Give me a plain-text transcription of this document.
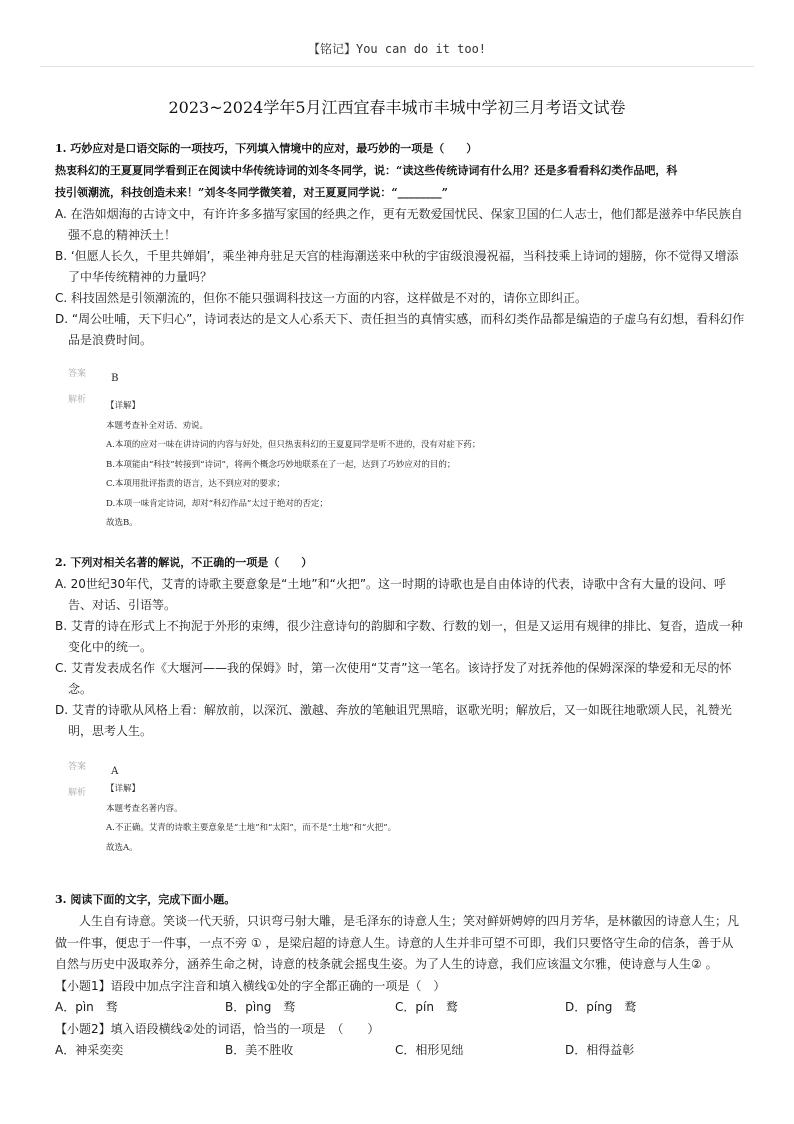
【铭记】You can do it too!
2023~2024学年5月江西宜春丰城市丰城中学初三月考语文试卷
1. 巧妙应对是口语交际的一项技巧，下列填入情境中的应对，最巧妙的一项是（　　）
热衷科幻的王夏夏同学看到正在阅读中华传统诗词的刘冬冬同学，说：“读这些传统诗词有什么用？还是多看看科幻类作品吧，科
技引领潮流，科技创造未来！”刘冬冬同学微笑着，对王夏夏同学说：“________”
A. 在浩如烟海的古诗文中，有许许多多描写家国的经典之作，更有无数爱国忧民、保家卫国的仁人志士，他们都是滋养中华民族自强不息的精神沃土！
B. ‘但愿人长久，千里共婵娟’，乘坐神舟驻足天宫的桂海潮送来中秋的宇宙级浪漫祝福，当科技乘上诗词的翅膀，你不觉得又增添了中华传统精神的力量吗？
C. 科技固然是引领潮流的，但你不能只强调科技这一方面的内容，这样做是不对的，请你立即纠正。
D. “周公吐哺，天下归心”，诗词表达的是文人心系天下、责任担当的真情实感，而科幻类作品都是编造的子虚乌有幻想，看科幻作品是浪费时间。
答案	B
解析
【详解】
本题考查补全对话、劝说。
A.本项的应对一味在讲诗词的内容与好处，但只热衷科幻的王夏夏同学是听不进的，没有对症下药；
B.本项能由“科技”转接到“诗词”，将两个概念巧妙地联系在了一起，达到了巧妙应对的目的；
C.本项用批评指责的语言，达不到应对的要求；
D.本项一味肯定诗词，却对“科幻作品”太过于绝对的否定；
故选B。
2. 下列对相关名著的解说，不正确的一项是（　　）
A. 20世纪30年代，艾青的诗歌主要意象是“土地”和“火把”。这一时期的诗歌也是自由体诗的代表，诗歌中含有大量的设问、呼告、对话、引语等。
B. 艾青的诗在形式上不拘泥于外形的束缚，很少注意诗句的韵脚和字数、行数的划一，但是又运用有规律的排比、复沓，造成一种变化中的统一。
C. 艾青发表成名作《大堰河——我的保姆》时，第一次使用“艾青”这一笔名。该诗抒发了对抚养他的保姆深深的挚爱和无尽的怀念。
D. 艾青的诗歌从风格上看：解放前，以深沉、激越、奔放的笔触诅咒黑暗，讴歌光明；解放后，又一如既往地歌颂人民，礼赞光明，思考人生。
答案	A
解析	【详解】
本题考查名著内容。
A.不正确。艾青的诗歌主要意象是“土地”和“太阳”，而不是“土地”和“火把”。
故选A。
3. 阅读下面的文字，完成下面小题。

人生自有诗意。笑谈一代天骄，只识弯弓射大雕，是毛泽东的诗意人生；笑对鲜妍娉婷的四月芳华，是林徽因的诗意人生；凡做一件事，便忠于一件事，一点不旁 ① ，是梁启超的诗意人生。诗意的人生并非可望不可即，我们只要恪守生命的信条，善于从自然与历史中汲取养分，涵养生命之树，诗意的枝条就会摇曳生姿。为了人生的诗意，我们应该温文尔雅，使诗意与人生② 。

【小题1】语段中加点字注音和填入横线①处的字全都正确的一项是（　）

A．pìn　骛	B．pìng　骛	C．pín　鹜	D．píng　鹜

【小题2】填入语段横线②处的词语，恰当的一项是　（　　）

A．神采奕奕	B．美不胜收	C．相形见绌	D．相得益彰
